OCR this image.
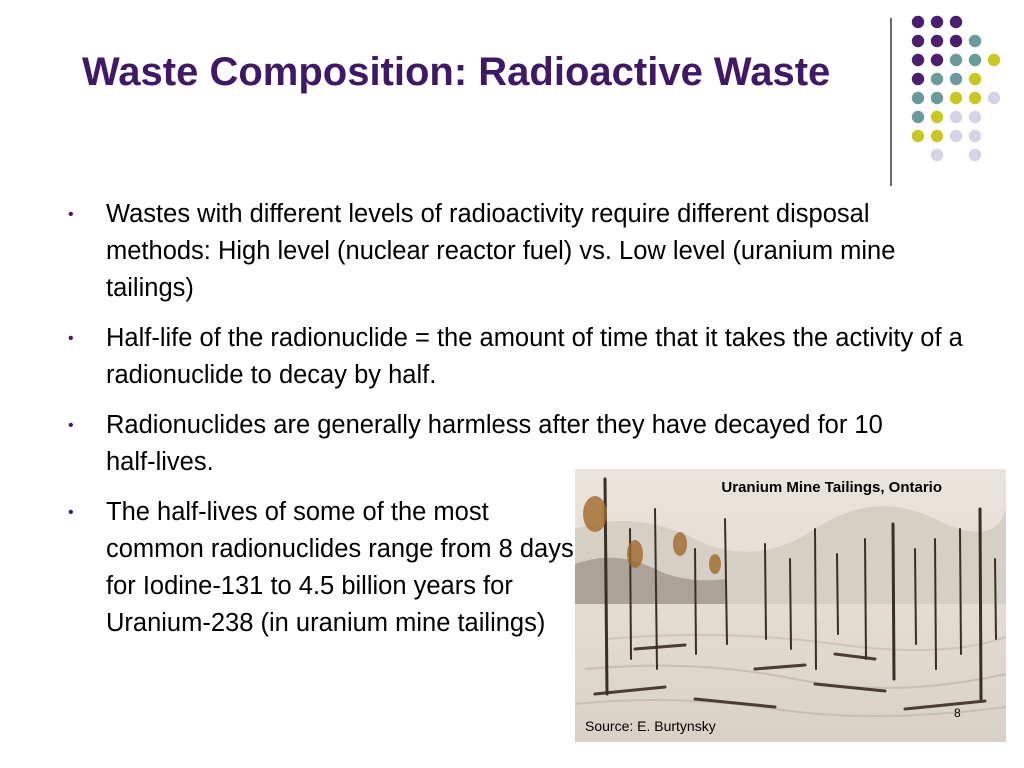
Waste Composition: Radioactive Waste
• Wastes with different levels of radioactivity require different disposal methods: High level (nuclear reactor fuel) vs. Low level (uranium mine tailings)
• Half-life of the radionuclide = the amount of time that it takes the activity of a radionuclide to decay by half.
• Radionuclides are generally harmless after they have decayed for 10 half-lives.
• The half-lives of some of the most common radionuclides range from 8 days for Iodine-131 to 4.5 billion years for Uranium-238 (in uranium mine tailings)
Uranium Mine Tailings, Ontario
Source: E. Burtynsky
8
